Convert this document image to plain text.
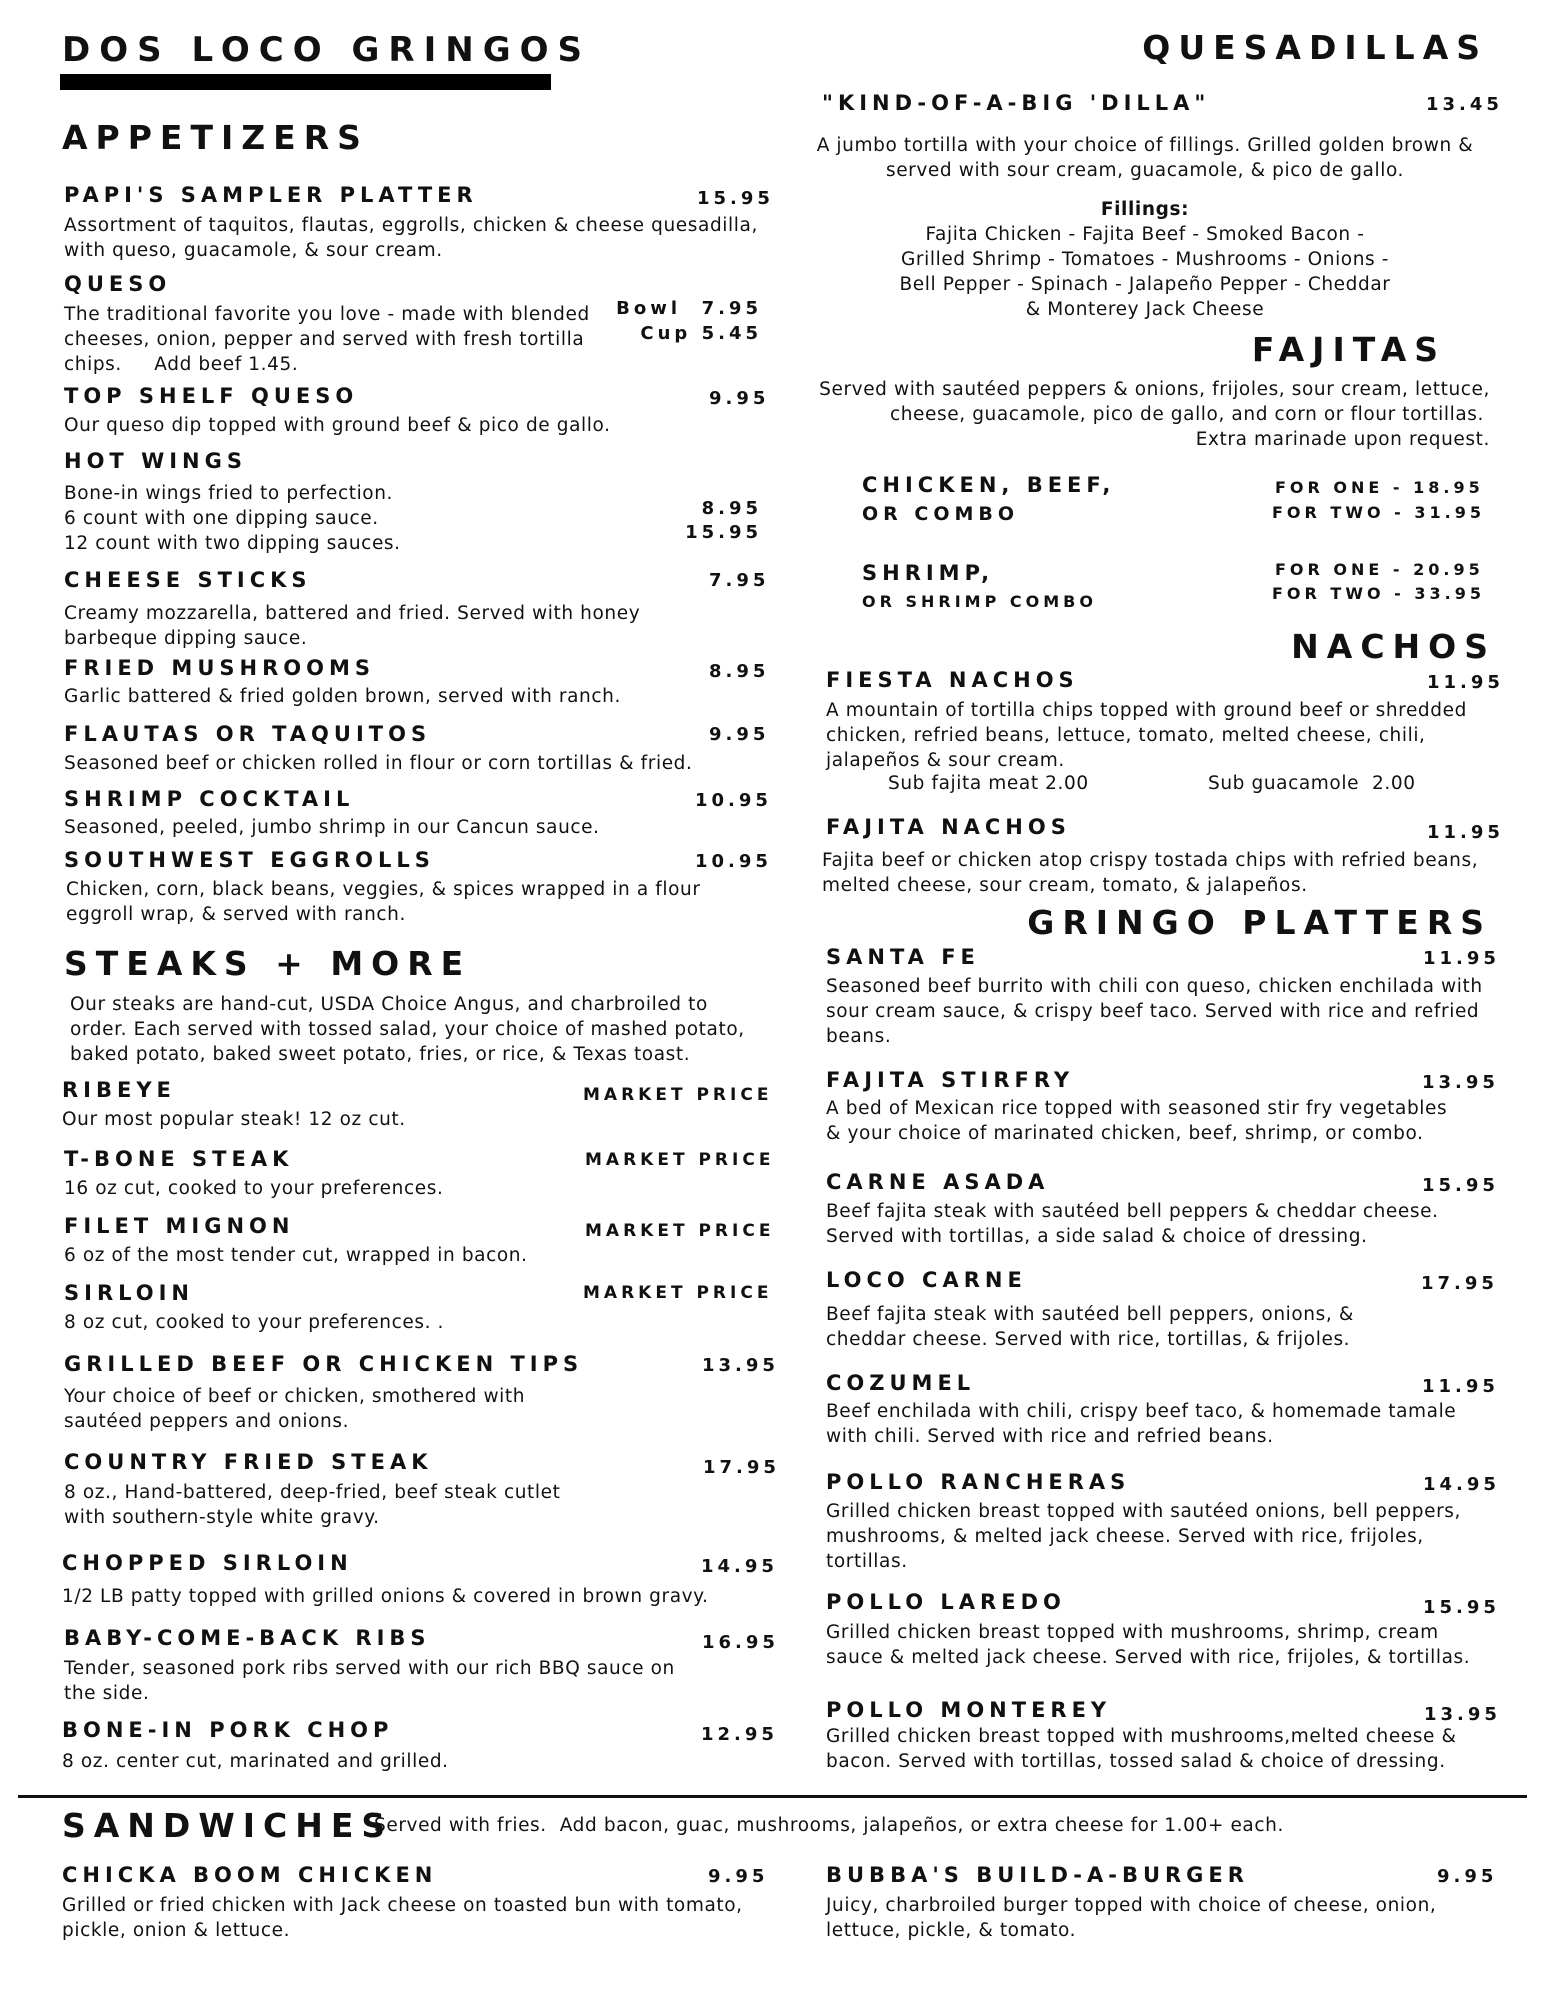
DOS LOCO GRINGOS
APPETIZERS
PAPI'S SAMPLER PLATTER	15.95
Assortment of taquitos, flautas, eggrolls, chicken & cheese quesadilla,
with queso, guacamole, & sour cream.
QUESO
Bowl  7.95
Cup 5.45
The traditional favorite you love - made with blended
cheeses, onion, pepper and served with fresh tortilla
chips.     Add beef 1.45.
TOP SHELF QUESO	9.95
Our queso dip topped with ground beef & pico de gallo.
HOT WINGS
8.95
15.95
Bone-in wings fried to perfection.
6 count with one dipping sauce.
12 count with two dipping sauces.
CHEESE STICKS	7.95
Creamy mozzarella, battered and fried. Served with honey
barbeque dipping sauce.
FRIED MUSHROOMS	8.95
Garlic battered & fried golden brown, served with ranch.
FLAUTAS OR TAQUITOS	9.95
Seasoned beef or chicken rolled in flour or corn tortillas & fried.
SHRIMP COCKTAIL	10.95
Seasoned, peeled, jumbo shrimp in our Cancun sauce.
SOUTHWEST EGGROLLS	10.95
Chicken, corn, black beans, veggies, & spices wrapped in a flour
eggroll wrap, & served with ranch.
STEAKS + MORE
Our steaks are hand-cut, USDA Choice Angus, and charbroiled to
order. Each served with tossed salad, your choice of mashed potato,
baked potato, baked sweet potato, fries, or rice, & Texas toast.
RIBEYE	MARKET PRICE
Our most popular steak! 12 oz cut.
T-BONE STEAK	MARKET PRICE
16 oz cut, cooked to your preferences.
FILET MIGNON	MARKET PRICE
6 oz of the most tender cut, wrapped in bacon.
SIRLOIN	MARKET PRICE
8 oz cut, cooked to your preferences. .
GRILLED BEEF OR CHICKEN TIPS	13.95
Your choice of beef or chicken, smothered with
sautéed peppers and onions.
COUNTRY FRIED STEAK	17.95
8 oz., Hand-battered, deep-fried, beef steak cutlet
with southern-style white gravy.
CHOPPED SIRLOIN	14.95
1/2 LB patty topped with grilled onions & covered in brown gravy.
BABY-COME-BACK RIBS	16.95
Tender, seasoned pork ribs served with our rich BBQ sauce on
the side.
BONE-IN PORK CHOP	12.95
8 oz. center cut, marinated and grilled.
QUESADILLAS
"KIND-OF-A-BIG 'DILLA"	13.45
A jumbo tortilla with your choice of fillings. Grilled golden brown &
served with sour cream, guacamole, & pico de gallo.
Fillings:
Fajita Chicken - Fajita Beef - Smoked Bacon -
Grilled Shrimp - Tomatoes - Mushrooms - Onions -
Bell Pepper - Spinach - Jalapeño Pepper - Cheddar
& Monterey Jack Cheese
FAJITAS
Served with sautéed peppers & onions, frijoles, sour cream, lettuce,
cheese, guacamole, pico de gallo, and corn or flour tortillas.
Extra marinade upon request.
CHICKEN, BEEF,
OR COMBO
FOR ONE - 18.95
FOR TWO - 31.95
SHRIMP,
OR SHRIMP COMBO
FOR ONE - 20.95
FOR TWO - 33.95
NACHOS
FIESTA NACHOS	11.95
A mountain of tortilla chips topped with ground beef or shredded
chicken, refried beans, lettuce, tomato, melted cheese, chili,
jalapeños & sour cream.
Sub fajita meat 2.00	Sub guacamole  2.00
FAJITA NACHOS	11.95
Fajita beef or chicken atop crispy tostada chips with refried beans,
melted cheese, sour cream, tomato, & jalapeños.
GRINGO PLATTERS
SANTA FE	11.95
Seasoned beef burrito with chili con queso, chicken enchilada with
sour cream sauce, & crispy beef taco. Served with rice and refried
beans.
FAJITA STIRFRY	13.95
A bed of Mexican rice topped with seasoned stir fry vegetables
& your choice of marinated chicken, beef, shrimp, or combo.
CARNE ASADA	15.95
Beef fajita steak with sautéed bell peppers & cheddar cheese.
Served with tortillas, a side salad & choice of dressing.
LOCO CARNE	17.95
Beef fajita steak with sautéed bell peppers, onions, &
cheddar cheese. Served with rice, tortillas, & frijoles.
COZUMEL	11.95
Beef enchilada with chili, crispy beef taco, & homemade tamale
with chili. Served with rice and refried beans.
POLLO RANCHERAS	14.95
Grilled chicken breast topped with sautéed onions, bell peppers,
mushrooms, & melted jack cheese. Served with rice, frijoles,
tortillas.
POLLO LAREDO	15.95
Grilled chicken breast topped with mushrooms, shrimp, cream
sauce & melted jack cheese. Served with rice, frijoles, & tortillas.
POLLO MONTEREY	13.95
Grilled chicken breast topped with mushrooms,melted cheese &
bacon. Served with tortillas, tossed salad & choice of dressing.
SANDWICHES
Served with fries.  Add bacon, guac, mushrooms, jalapeños, or extra cheese for 1.00+ each.
CHICKA BOOM CHICKEN	9.95
Grilled or fried chicken with Jack cheese on toasted bun with tomato,
pickle, onion & lettuce.
BUBBA'S BUILD-A-BURGER	9.95
Juicy, charbroiled burger topped with choice of cheese, onion,
lettuce, pickle, & tomato.
